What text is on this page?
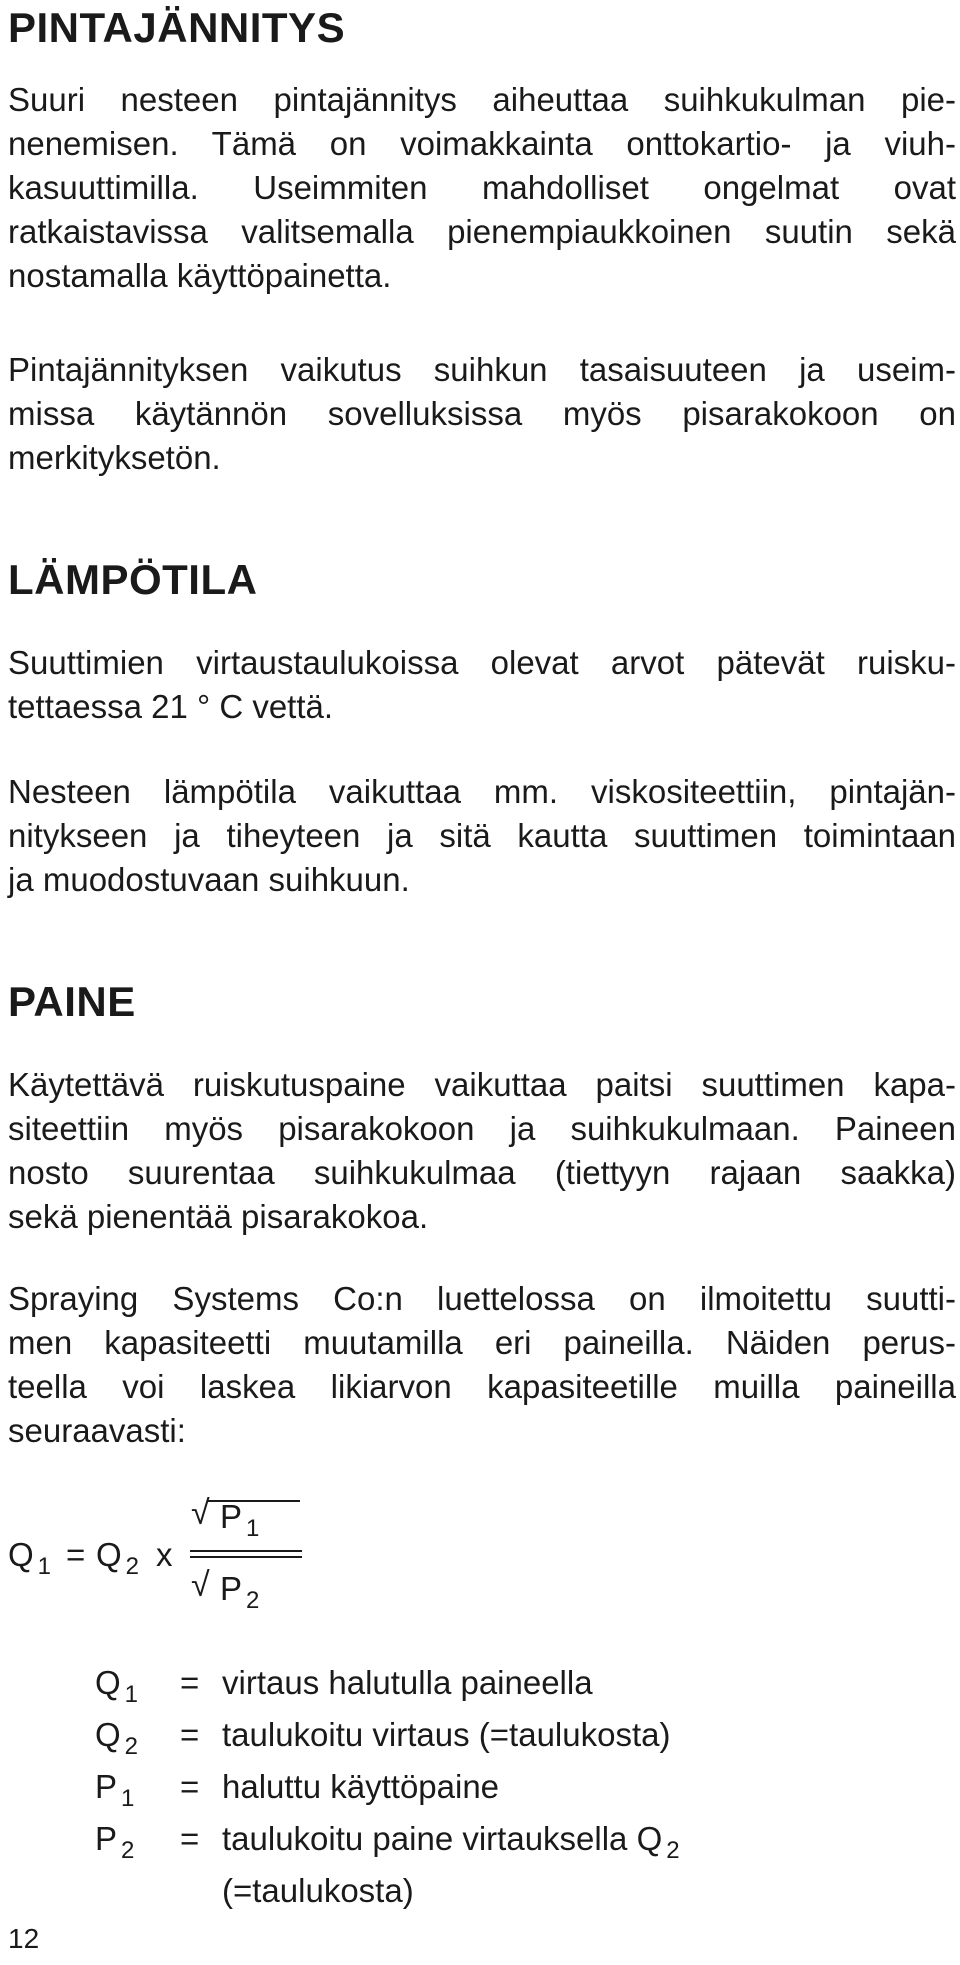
PINTAJÄNNITYS

Suuri nesteen pintajännitys aiheuttaa suihkukulman pie-
nenemisen. Tämä on voimakkainta onttokartio- ja viuh-
kasuuttimilla. Useimmiten mahdolliset ongelmat ovat
ratkaistavissa valitsemalla pienempiaukkoinen suutin sekä
nostamalla käyttöpainetta.

Pintajännityksen vaikutus suihkun tasaisuuteen ja useim-
missa käytännön sovelluksissa myös pisarakokoon on
merkityksetön.

LÄMPÖTILA

Suuttimien virtaustaulukoissa olevat arvot pätevät ruisku-
tettaessa 21 ° C vettä.

Nesteen lämpötila vaikuttaa mm. viskositeettiin, pintajän-
nitykseen ja tiheyteen ja sitä kautta suuttimen toimintaan
ja muodostuvaan suihkuun.

PAINE

Käytettävä ruiskutuspaine vaikuttaa paitsi suuttimen kapa-
siteettiin myös pisarakokoon ja suihkukulmaan. Paineen
nosto suurentaa suihkukulmaa (tiettyyn rajaan saakka)
sekä pienentää pisarakokoa.

Spraying Systems Co:n luettelossa on ilmoitettu suutti-
men kapasiteetti muutamilla eri paineilla. Näiden perus-
teella voi laskea likiarvon kapasiteetille muilla paineilla
seuraavasti:

Q $_1$ = Q $_2$ x
√ P $_1$
√ P $_2$
Q $_1$ = virtaus halutulla paineella
Q $_2$ = taulukoitu virtaus (=taulukosta)
P $_1$ = haluttu käyttöpaine
P $_2$ = taulukoitu paine virtauksella Q $_2$
(=taulukosta)
12
